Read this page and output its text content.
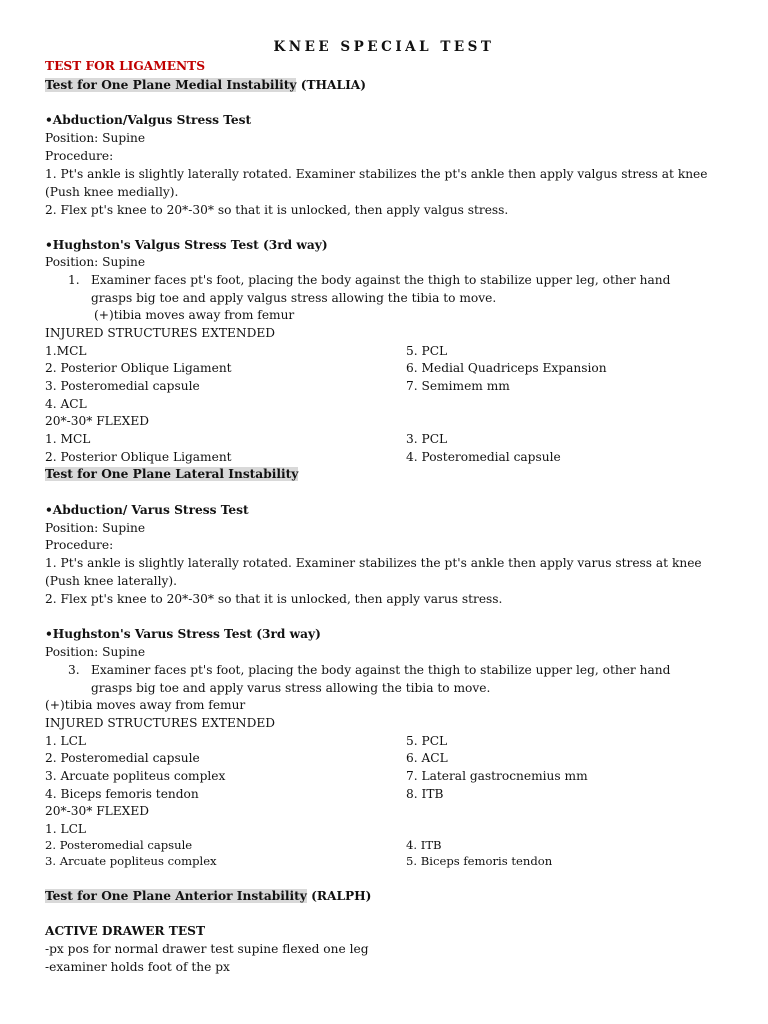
KNEE SPECIAL TEST
TEST FOR LIGAMENTS
Test for One Plane Medial Instability (THALIA)
•Abduction/Valgus Stress Test
Position: Supine
Procedure:
1. Pt's ankle is slightly laterally rotated. Examiner stabilizes the pt's ankle then apply valgus stress at knee
(Push knee medially).
2. Flex pt's knee to 20*-30* so that it is unlocked, then apply valgus stress.
•Hughston's Valgus Stress Test (3rd way)
Position: Supine
1. Examiner faces pt's foot, placing the body against the thigh to stabilize upper leg, other hand
grasps big toe and apply valgus stress allowing the tibia to move.
(+)tibia moves away from femur
INJURED STRUCTURES EXTENDED
1.MCL
2. Posterior Oblique Ligament
3. Posteromedial capsule
4. ACL
5. PCL
6. Medial Quadriceps Expansion
7. Semimem mm
20*-30* FLEXED
1. MCL
2. Posterior Oblique Ligament
3. PCL
4. Posteromedial capsule
Test for One Plane Lateral Instability
•Abduction/ Varus Stress Test
Position: Supine
Procedure:
1. Pt's ankle is slightly laterally rotated. Examiner stabilizes the pt's ankle then apply varus stress at knee
(Push knee laterally).
2. Flex pt's knee to 20*-30* so that it is unlocked, then apply varus stress.
•Hughston's Varus Stress Test (3rd way)
Position: Supine
3. Examiner faces pt's foot, placing the body against the thigh to stabilize upper leg, other hand
grasps big toe and apply varus stress allowing the tibia to move.
(+)tibia moves away from femur
INJURED STRUCTURES EXTENDED
1. LCL
2. Posteromedial capsule
3. Arcuate popliteus complex
4. Biceps femoris tendon
5. PCL
6. ACL
7. Lateral gastrocnemius mm
8. ITB
20*-30* FLEXED
1. LCL
2. Posteromedial capsule
3. Arcuate popliteus complex
4. ITB
5. Biceps femoris tendon
Test for One Plane Anterior Instability (RALPH)
ACTIVE DRAWER TEST
-px pos for normal drawer test supine flexed one leg
-examiner holds foot of the px
